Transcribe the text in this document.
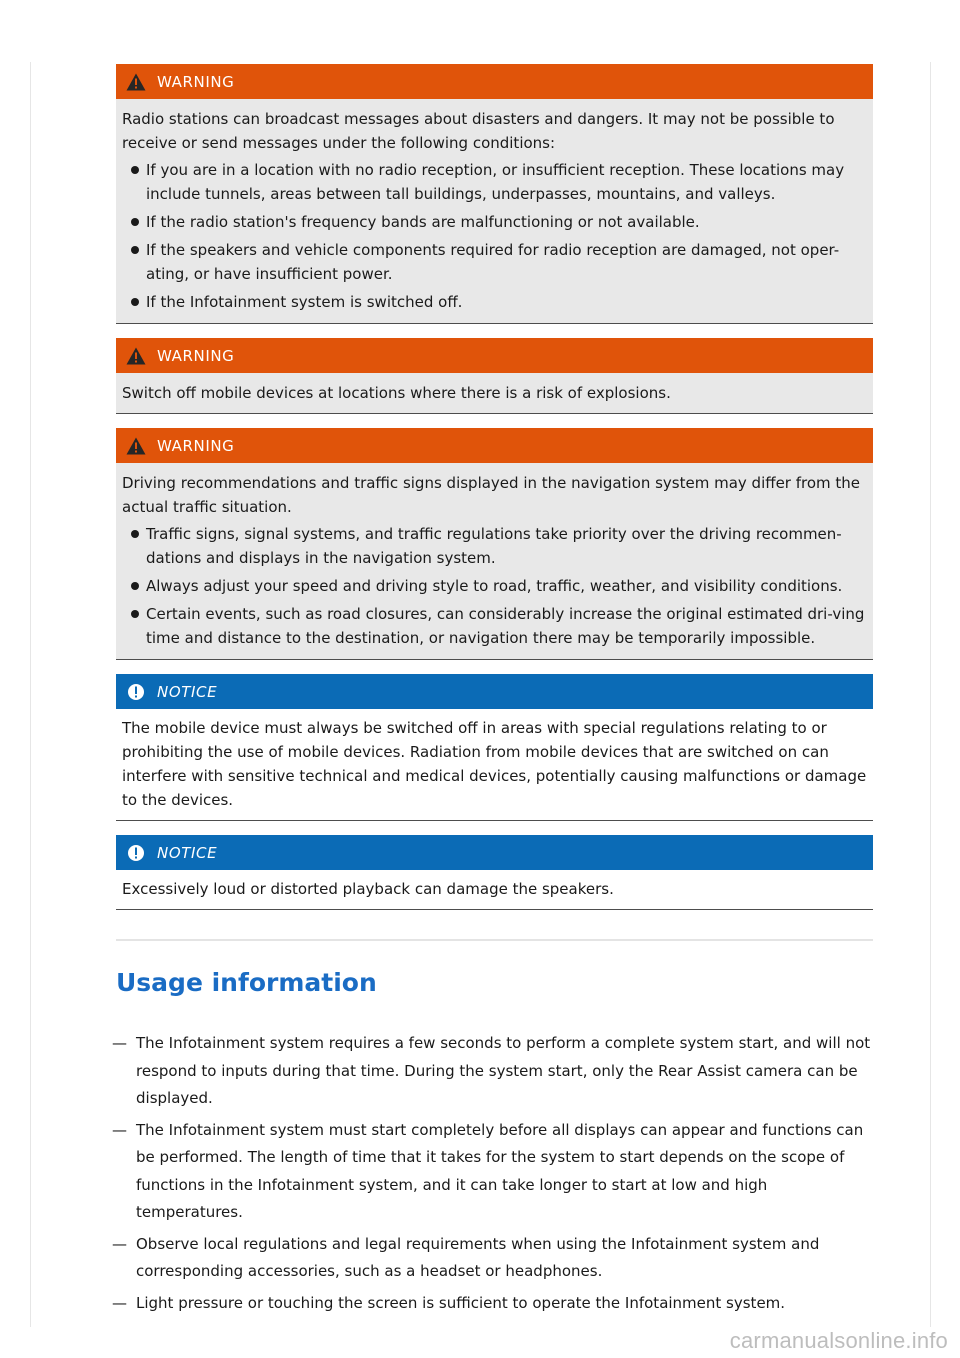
WARNING

Radio stations can broadcast messages about disasters and dangers. It may not be possible to receive or send messages under the following conditions:

If you are in a location with no radio reception, or insufficient reception. These locations may include tunnels, areas between tall buildings, underpasses, mountains, and valleys.
If the radio station's frequency bands are malfunctioning or not available.
If the speakers and vehicle components required for radio reception are damaged, not oper-ating, or have insufficient power.
If the Infotainment system is switched off.
WARNING

Switch off mobile devices at locations where there is a risk of explosions.

WARNING

Driving recommendations and traffic signs displayed in the navigation system may differ from the actual traffic situation.

Traffic signs, signal systems, and traffic regulations take priority over the driving recommen-dations and displays in the navigation system.
Always adjust your speed and driving style to road, traffic, weather, and visibility conditions.
Certain events, such as road closures, can considerably increase the original estimated dri-ving time and distance to the destination, or navigation there may be temporarily impossible.
NOTICE

The mobile device must always be switched off in areas with special regulations relating to or prohibiting the use of mobile devices. Radiation from mobile devices that are switched on can interfere with sensitive technical and medical devices, potentially causing malfunctions or damage to the devices.

NOTICE

Excessively loud or distorted playback can damage the speakers.

Usage information
— The Infotainment system requires a few seconds to perform a complete system start, and will not respond to inputs during that time. During the system start, only the Rear Assist camera can be displayed.
— The Infotainment system must start completely before all displays can appear and functions can be performed. The length of time that it takes for the system to start depends on the scope of functions in the Infotainment system, and it can take longer to start at low and high temperatures.
— Observe local regulations and legal requirements when using the Infotainment system and corresponding accessories, such as a headset or headphones.
— Light pressure or touching the screen is sufficient to operate the Infotainment system.
carmanualsonline.info
